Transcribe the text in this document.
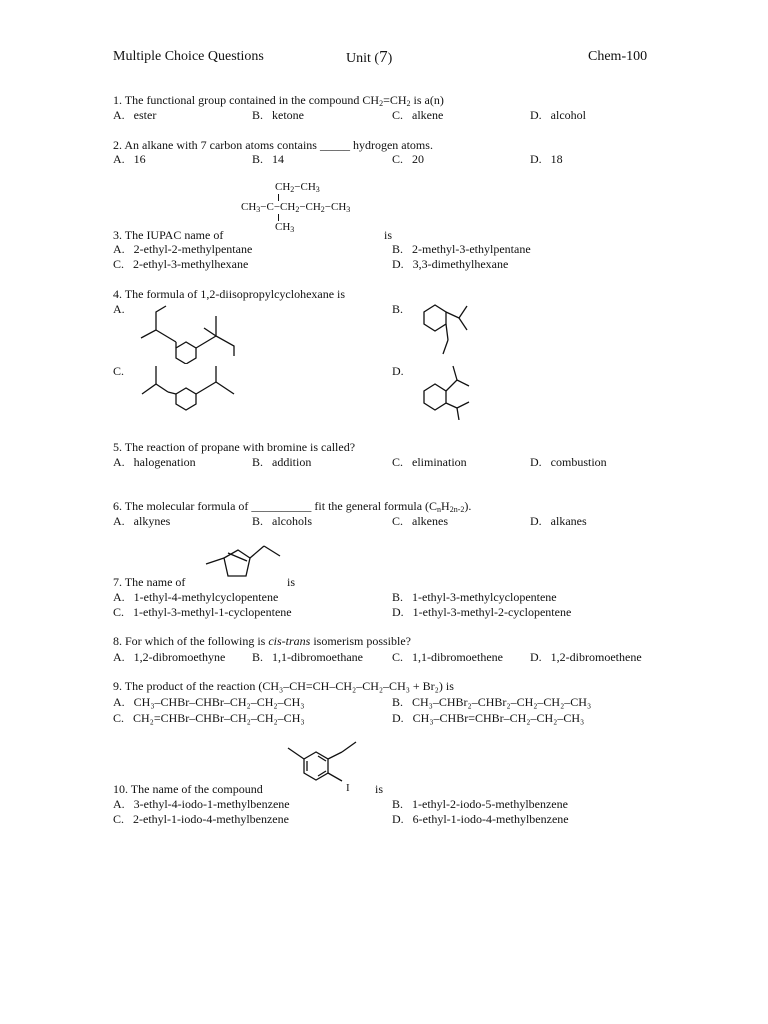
Multiple Choice Questions	Unit (7)	Chem-100
1. The functional group contained in the compound $CH_2=CH_2$ is a(n)
A. ester	B. ketone	C. alkene	D. alcohol
2. An alkane with 7 carbon atoms contains _____ hydrogen atoms.
A. 16	B. 14	C. 20	D. 18
$CH_2-CH_3$
$CH_3-C-CH_2-CH_2-CH_3$
$CH_3$
3. The IUPAC name of	is
A. 2-ethyl-2-methylpentane	B. 2-methyl-3-ethylpentane
C. 2-ethyl-3-methylhexane	D. 3,3-dimethylhexane
4. The formula of 1,2-diisopropylcyclohexane is
A.	B.
C.	D.
5. The reaction of propane with bromine is called?
A. halogenation	B. addition	C. elimination	D. combustion
6. The molecular formula of __________ fit the general formula $(C_nH_{2n-2})$.
A. alkynes	B. alcohols	C. alkenes	D. alkanes
7. The name of	is
A. 1-ethyl-4-methylcyclopentene	B. 1-ethyl-3-methylcyclopentene
C. 1-ethyl-3-methyl-1-cyclopentene	D. 1-ethyl-3-methyl-2-cyclopentene
8. For which of the following is cis-trans isomerism possible?
A. 1,2-dibromoethyne B. 1,1-dibromoethane C. 1,1-dibromoethene D. 1,2-dibromoethene
9. The product of the reaction (CH₃–CH=CH–CH₂–CH₂–CH₃ + Br₂) is
A. CH₃–CHBr–CHBr–CH₂–CH₂–CH₃	B. CH₃–CHBr₂–CHBr₂–CH₂–CH₂–CH₃
C. CH₂=CHBr–CHBr–CH₂–CH₂–CH₃	D. CH₃–CHBr=CHBr–CH₂–CH₂–CH₃
I
10. The name of the compound	is
A. 3-ethyl-4-iodo-1-methylbenzene	B. 1-ethyl-2-iodo-5-methylbenzene
C. 2-ethyl-1-iodo-4-methylbenzene	D. 6-ethyl-1-iodo-4-methylbenzene
